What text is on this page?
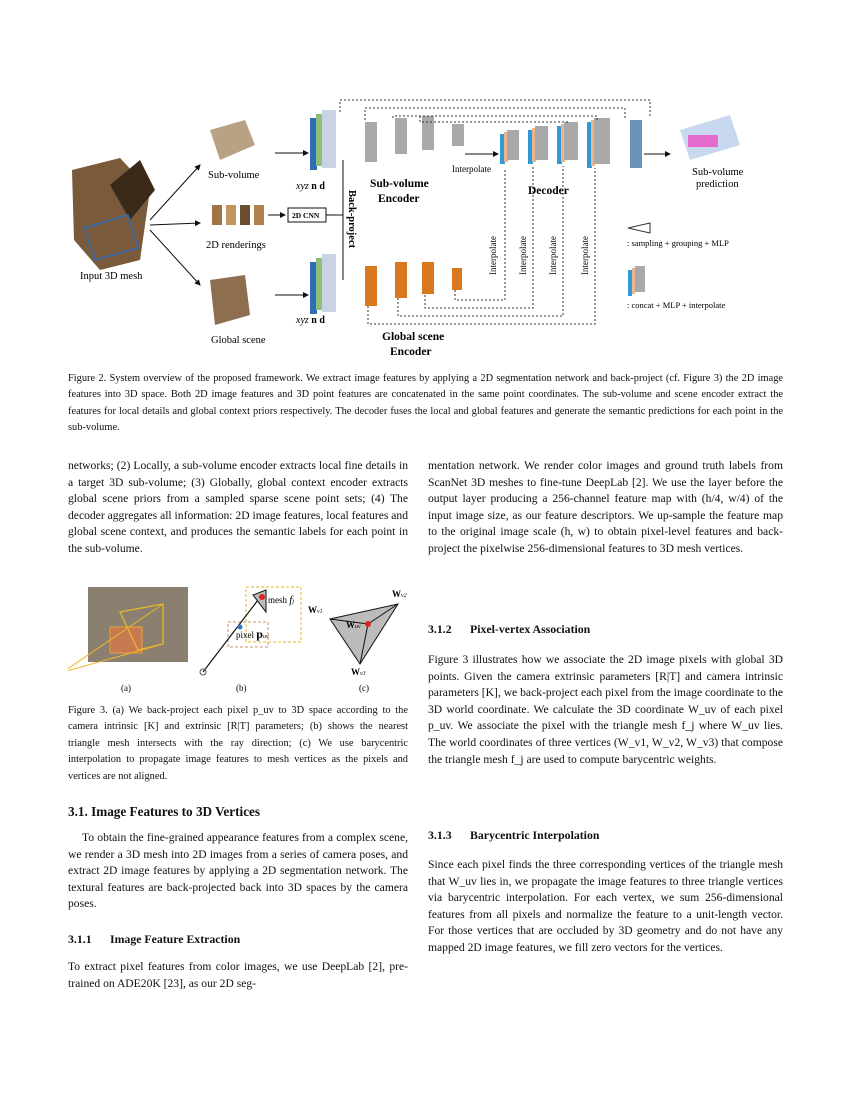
Input 3D mesh
Sub-volume
2D renderings
Global scene
2D CNN	Back-project
xyz n d	Sub-volume
Encoder
Interpolate
Decoder
Sub-volume
prediction
xyz n d
Global scene
Encoder
Interpolate Interpolate Interpolate Interpolate	: sampling + grouping + MLP
: concat + MLP + interpolate
Figure 2. System overview of the proposed framework. We extract image features by applying a 2D segmentation network and back-project (cf. Figure 3) the 2D image features into 3D space. Both 2D image features and 3D point features are concatenated in the same point coordinates. The sub-volume and scene encoder extract the features for local details and global context priors respectively. The decoder fuses the local and global features and generate the semantic predictions for each point in the sub-volume.
networks; (2) Locally, a sub-volume encoder extracts local fine details in a target 3D sub-volume; (3) Globally, global context encoder extracts global scene priors from a sampled sparse scene point sets; (4) The decoder aggregates all information: 2D image features, local features and global scene context, and produces the semantic labels for each point in the sub-volume.
(a)
mesh fj
pixel puv
(b)
Wv1
Wv2
Wv3
Wuv
(c)
Figure 3. (a) We back-project each pixel p_uv to 3D space according to the camera intrinsic [K] and extrinsic [R|T] parameters; (b) shows the nearest triangle mesh intersects with the ray direction; (c) We use barycentric interpolation to propagate image features to mesh vertices as the pixels and vertices are not aligned.
3.1. Image Features to 3D Vertices
To obtain the fine-grained appearance features from a complex scene, we render a 3D mesh into 2D images from a series of camera poses, and extract 2D image features by applying a 2D segmentation network. The textural features are back-projected back into 3D spaces by the camera poses.
3.1.1 Image Feature Extraction
To extract pixel features from color images, we use DeepLab [2], pre-trained on ADE20K [23], as our 2D seg-
mentation network. We render color images and ground truth labels from ScanNet 3D meshes to fine-tune DeepLab [2]. We use the layer before the output layer producing a 256-channel feature map with (h/4, w/4) of the input image size, as our feature descriptors. We up-sample the feature map to the original image scale (h, w) to obtain pixel-level features and back-project the pixelwise 256-dimensional features to 3D mesh vertices.
3.1.2 Pixel-vertex Association
Figure 3 illustrates how we associate the 2D image pixels with global 3D points. Given the camera extrinsic parameters [R|T] and camera intrinsic parameters [K], we back-project each pixel from the image coordinate to the 3D world coordinate. We calculate the 3D coordinate W_uv of each pixel p_uv. We associate the pixel with the triangle mesh f_j where W_uv lies. The world coordinates of three vertices (W_v1, W_v2, W_v3) that compose the triangle mesh f_j are used to compute barycentric weights.
3.1.3 Barycentric Interpolation
Since each pixel finds the three corresponding vertices of the triangle mesh that W_uv lies in, we propagate the image features to three triangle vertices via barycentric interpolation. For each vertex, we sum 256-dimensional features from all pixels and normalize the feature to a unit-length vector. For those vertices that are occluded by 3D geometry and do not have any mapped 2D image features, we fill zero vectors for the vertices.
